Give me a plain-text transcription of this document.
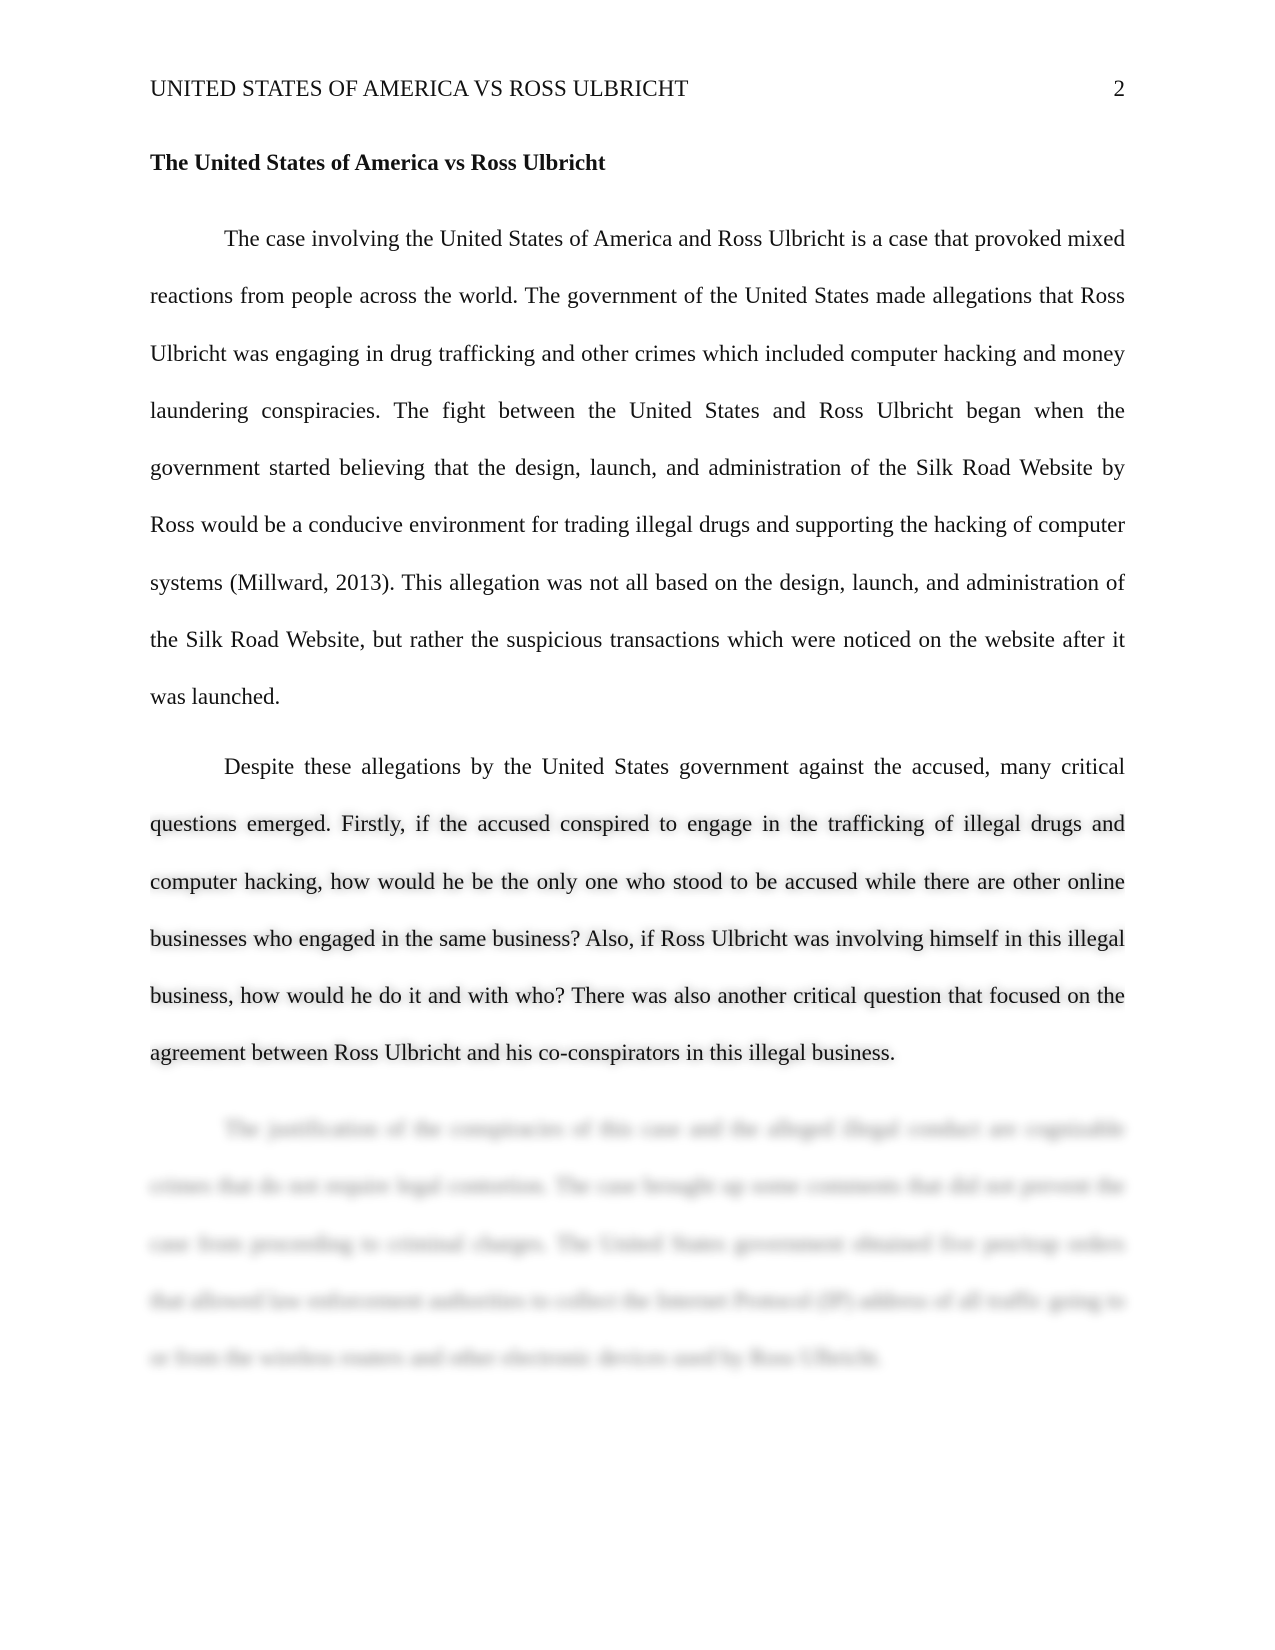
UNITED STATES OF AMERICA VS ROSS ULBRICHT	2
The United States of America vs Ross Ulbricht

The case involving the United States of America and Ross Ulbricht is a case that provoked mixed reactions from people across the world. The government of the United States made allegations that Ross Ulbricht was engaging in drug trafficking and other crimes which included computer hacking and money laundering conspiracies. The fight between the United States and Ross Ulbricht began when the government started believing that the design, launch, and administration of the Silk Road Website by Ross would be a conducive environment for trading illegal drugs and supporting the hacking of computer systems (Millward, 2013). This allegation was not all based on the design, launch, and administration of the Silk Road Website, but rather the suspicious transactions which were noticed on the website after it was launched.

Despite these allegations by the United States government against the accused, many critical questions emerged. Firstly, if the accused conspired to engage in the trafficking of illegal drugs and computer hacking, how would he be the only one who stood to be accused while there are other online businesses who engaged in the same business? Also, if Ross Ulbricht was involving himself in this illegal business, how would he do it and with who? There was also another critical question that focused on the agreement between Ross Ulbricht and his co-conspirators in this illegal business.

The justification of the conspiracies of this case and the alleged illegal conduct are cognizable crimes that do not require legal contortion. The case brought up some comments that did not prevent the case from proceeding to criminal charges. The United States government obtained five pen/trap orders that allowed law enforcement authorities to collect the Internet Protocol (IP) address of all traffic going to or from the wireless routers and other electronic devices used by Ross Ulbricht.
